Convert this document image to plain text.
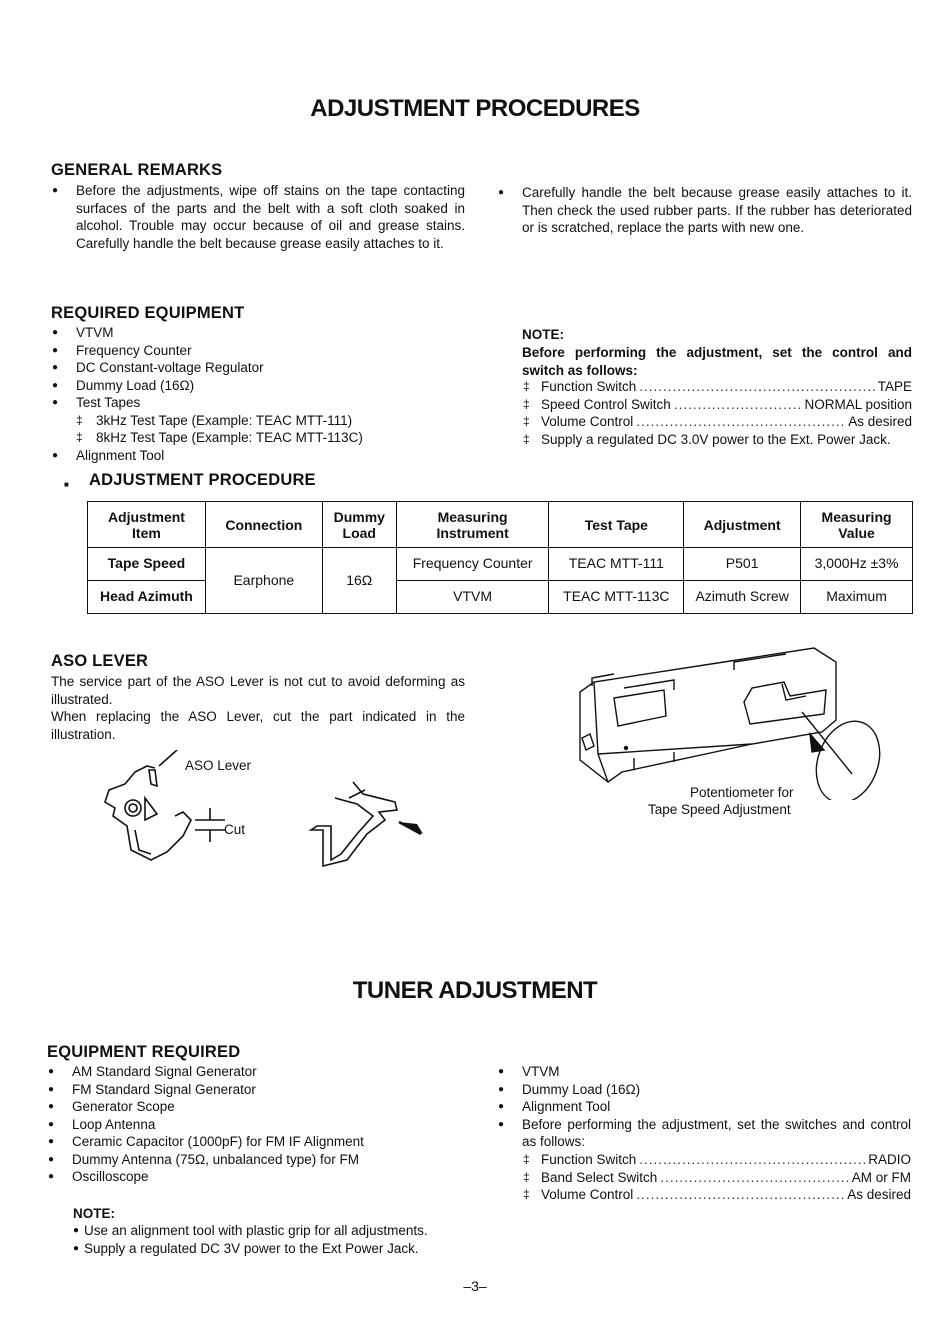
ADJUSTMENT PROCEDURES
GENERAL REMARKS
● Before the adjustments, wipe off stains on the tape contacting surfaces of the parts and the belt with a soft cloth soaked in alcohol. Trouble may occur because of oil and grease stains. Carefully handle the belt because grease easily attaches to it.
● Carefully handle the belt because grease easily attaches to it. Then check the used rubber parts. If the rubber has deteriorated or is scratched, replace the parts with new one.
REQUIRED EQUIPMENT
● VTVM
● Frequency Counter
● DC Constant-voltage Regulator
● Dummy Load (16Ω)
● Test Tapes
‡ 3kHz Test Tape (Example: TEAC MTT-111)
‡ 8kHz Test Tape (Example: TEAC MTT-113C)
● Alignment Tool
NOTE:
Before performing the adjustment, set the control and switch as follows:
‡ Function Switch .....	TAPE
‡ Speed Control Switch .....	NORMAL position
‡ Volume Control .....	As desired
‡ Supply a regulated DC 3.0V power to the Ext. Power Jack.
■ ADJUSTMENT PROCEDURE
Adjustment Item	Connection	Dummy Load	Measuring Instrument	Test Tape	Adjustment	Measuring Value
Tape Speed	Earphone	16Ω	Frequency Counter	TEAC MTT-111	P501	3,000Hz ±3%
Head Azimuth			VTVM	TEAC MTT-113C	Azimuth Screw	Maximum
ASO LEVER
The service part of the ASO Lever is not cut to avoid deforming as illustrated.
When replacing the ASO Lever, cut the part indicated in the illustration.
ASO Lever
Cut
Potentiometer for
Tape Speed Adjustment
TUNER ADJUSTMENT
EQUIPMENT REQUIRED
● AM Standard Signal Generator
● FM Standard Signal Generator
● Generator Scope
● Loop Antenna
● Ceramic Capacitor (1000pF) for FM IF Alignment
● Dummy Antenna (75Ω, unbalanced type) for FM
● Oscilloscope
● VTVM
● Dummy Load (16Ω)
● Alignment Tool
● Before performing the adjustment, set the switches and control as follows:
‡ Function Switch .....	RADIO
‡ Band Select Switch .....	AM or FM
‡ Volume Control .....	As desired
NOTE:
● Use an alignment tool with plastic grip for all adjustments.
● Supply a regulated DC 3V power to the Ext Power Jack.
–3–
